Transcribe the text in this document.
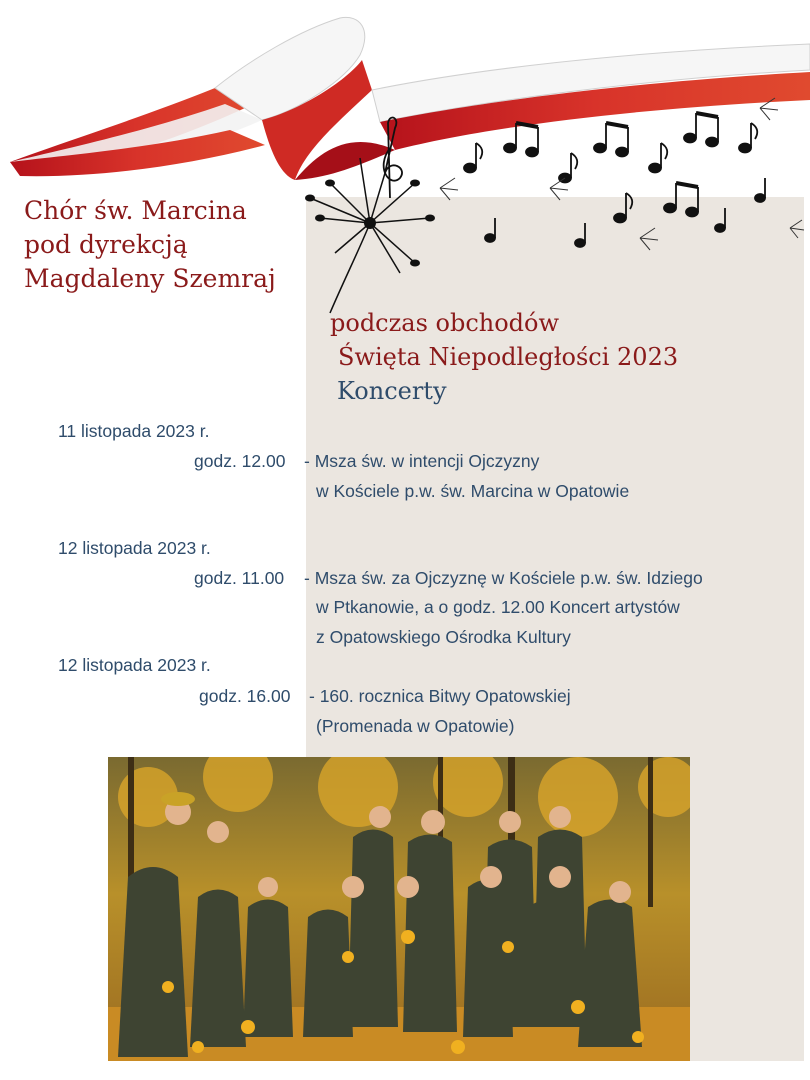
Chór św. Marcina
pod dyrekcją
Magdaleny Szemraj
podczas obchodów
Święta Niepodległości 2023
Koncerty
11 listopada 2023 r.
godz. 12.00 - Msza św. w intencji Ojczyzny
w Kościele p.w. św. Marcina w Opatowie
12 listopada 2023 r.
godz. 11.00 - Msza św. za Ojczyznę w Kościele p.w. św. Idziego
w Ptkanowie, a o godz. 12.00 Koncert artystów
z Opatowskiego Ośrodka Kultury
12 listopada 2023 r.
godz. 16.00 - 160. rocznica Bitwy Opatowskiej
(Promenada w Opatowie)
